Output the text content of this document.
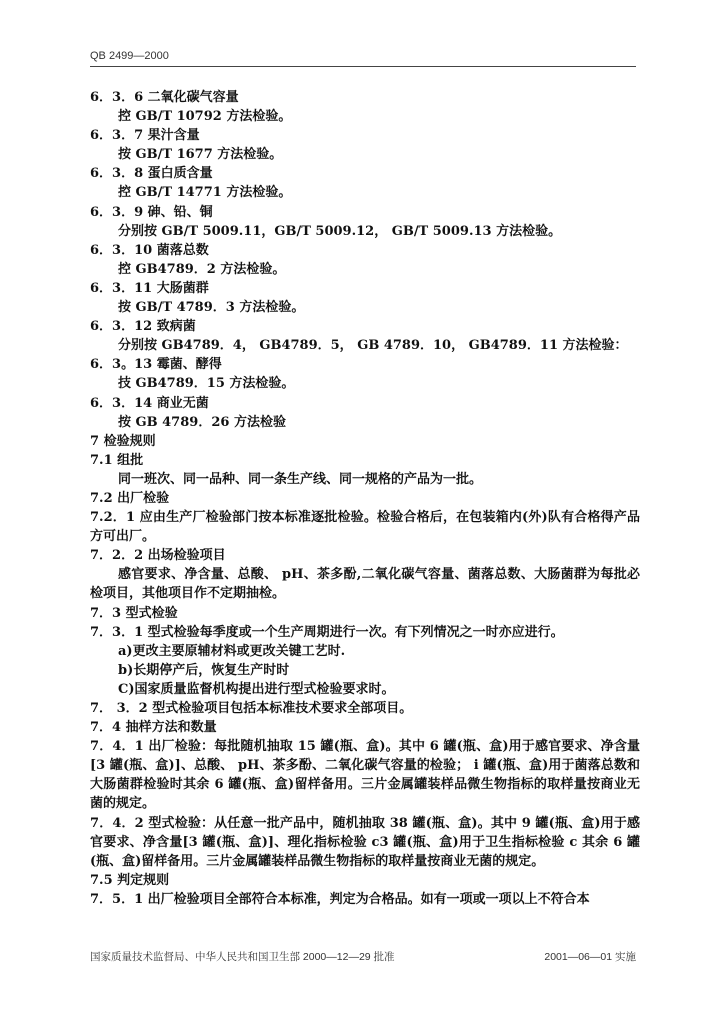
QB 2499—2000
6．3．6 二氧化碳气容量
控 GB/T 10792 方法检验。
6．3．7 果汁含量
按 GB/T 1677 方法检验。
6．3．8 蛋白质含量
控 GB/T 14771 方法检验。
6．3．9 砷、铅、铜
分别按 GB/T 5009.11，GB/T 5009.12， GB/T 5009.13 方法检验。
6．3．10 菌落总数
控 GB4789．2 方法检验。
6．3．11 大肠菌群
按 GB/T 4789．3 方法检验。
6．3．12 致病菌
分别按 GB4789．4， GB4789．5， GB 4789．10， GB4789．11 方法检验：
6．3。13 霉菌、酵得
技 GB4789．15 方法检验。
6．3．14 商业无菌
按 GB 4789．26 方法检验
7 检验规则
7.1 组批
同一班次、同一品种、同一条生产线、同一规格的产品为一批。
7.2 出厂检验
7.2．1 应由生产厂检验部门按本标准逐批检验。检验合格后，在包装箱内(外)队有合格得产品方可出厂。
7．2．2 出场检验项目
感官要求、净含量、总酸、 pH、茶多酚,二氧化碳气容量、菌落总数、大肠菌群为每批必检项目，其他项目作不定期抽检。
7．3 型式检验
7．3．1 型式检验每季度或一个生产周期进行一次。有下列情况之一时亦应进行。
a)更改主要原辅材料或更改关键工艺时.
b)长期停产后，恢复生产时时
C)国家质量监督机构提出进行型式检验要求时。
7． 3．2 型式检验项目包括本标准技术要求全部项目。
7．4 抽样方法和数量
7．4．1 出厂检验：每批随机抽取 15 罐(瓶、盒)。其中 6 罐(瓶、盒)用于感官要求、净含量[3 罐(瓶、盒)]、总酸、 pH、茶多酚、二氧化碳气容量的检验； i 罐(瓶、盒)用于菌落总数和大肠菌群检验时其余 6 罐(瓶、盒)留样备用。三片金属罐装样品微生物指标的取样量按商业无菌的规定。
7．4．2 型式检验：从任意一批产品中，随机抽取 38 罐(瓶、盒)。其中 9 罐(瓶、盒)用于感官要求、净含量[3 罐(瓶、盒)]、理化指标检验 c3 罐(瓶、盒)用于卫生指标检验 c 其余 6 罐(瓶、盒)留样备用。三片金属罐装样品微生物指标的取样量按商业无菌的规定。
7.5 判定规则
7．5．1 出厂检验项目全部符合本标准，判定为合格品。如有一项或一项以上不符合本
国家质量技术监督局、中华人民共和国卫生部 2000—12—29 批准	2001—06—01 实施
